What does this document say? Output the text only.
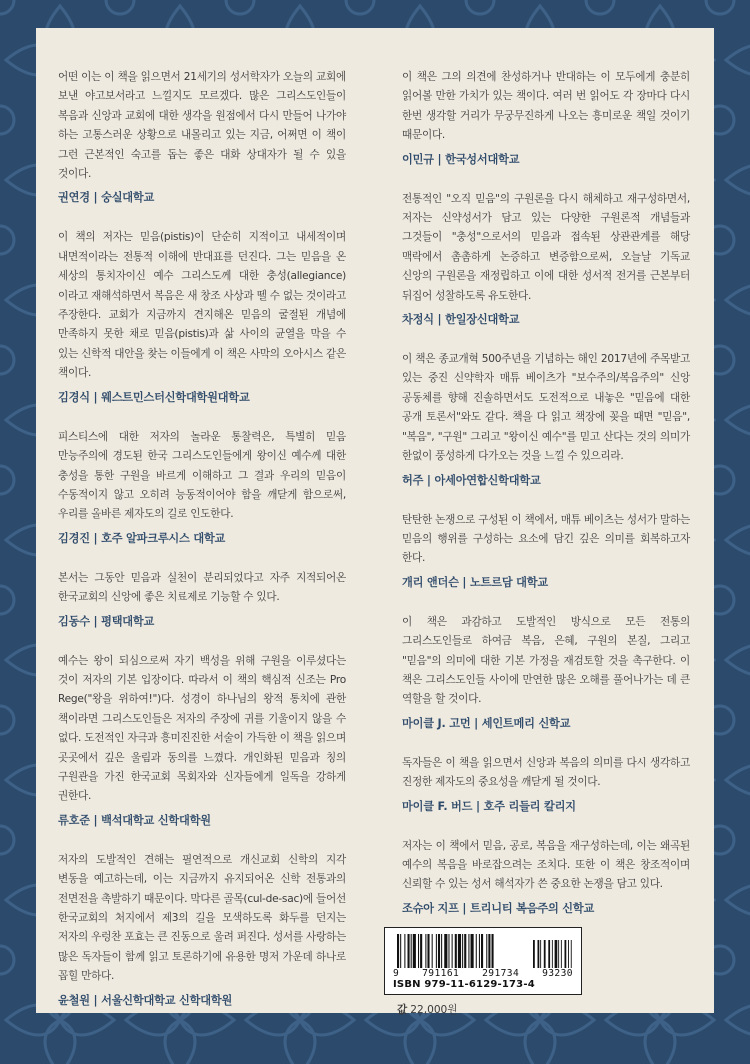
어떤 이는 이 책을 읽으면서 21세기의 성서학자가 오늘의 교회에 보낸 야고보서라고 느낄지도 모르겠다. 많은 그리스도인들이 복음과 신앙과 교회에 대한 생각을 원점에서 다시 만들어 나가야 하는 고통스러운 상황으로 내몰리고 있는 지금, 어쩌면 이 책이 그런 근본적인 숙고를 돕는 좋은 대화 상대자가 될 수 있을 것이다.

권연경 | 숭실대학교

이 책의 저자는 믿음(pistis)이 단순히 지적이고 내세적이며 내면적이라는 전통적 이해에 반대표를 던진다. 그는 믿음을 온 세상의 통치자이신 예수 그리스도께 대한 충성(allegiance)이라고 재해석하면서 복음은 새 창조 사상과 뗄 수 없는 것이라고 주장한다. 교회가 지금까지 견지해온 믿음의 굴절된 개념에 만족하지 못한 채로 믿음(pistis)과 삶 사이의 균열을 막을 수 있는 신학적 대안을 찾는 이들에게 이 책은 사막의 오아시스 같은 책이다.

김경식 | 웨스트민스터신학대학원대학교

피스티스에 대한 저자의 놀라운 통찰력은, 특별히 믿음 만능주의에 경도된 한국 그리스도인들에게 왕이신 예수께 대한 충성을 통한 구원을 바르게 이해하고 그 결과 우리의 믿음이 수동적이지 않고 오히려 능동적이어야 함을 깨닫게 함으로써, 우리를 올바른 제자도의 길로 인도한다.

김경진 | 호주 알파크루시스 대학교

본서는 그동안 믿음과 실천이 분리되었다고 자주 지적되어온 한국교회의 신앙에 좋은 치료제로 기능할 수 있다.

김동수 | 평택대학교

예수는 왕이 되심으로써 자기 백성을 위해 구원을 이루셨다는 것이 저자의 기본 입장이다. 따라서 이 책의 핵심적 신조는 Pro Rege("왕을 위하여!")다. 성경이 하나님의 왕적 통치에 관한 책이라면 그리스도인들은 저자의 주장에 귀를 기울이지 않을 수 없다. 도전적인 자극과 흥미진진한 서술이 가득한 이 책을 읽으며 곳곳에서 깊은 울림과 동의를 느꼈다. 개인화된 믿음과 칭의 구원관을 가진 한국교회 목회자와 신자들에게 일독을 강하게 권한다.

류호준 | 백석대학교 신학대학원

저자의 도발적인 견해는 필연적으로 개신교회 신학의 지각 변동을 예고하는데, 이는 지금까지 유지되어온 신학 전통과의 전면전을 촉발하기 때문이다. 막다른 골목(cul-de-sac)에 들어선 한국교회의 처지에서 제3의 길을 모색하도록 화두를 던지는 저자의 우렁찬 포효는 큰 진동으로 울려 퍼진다. 성서를 사랑하는 많은 독자들이 함께 읽고 토론하기에 유용한 명저 가운데 하나로 꼽힐 만하다.

윤철원 | 서울신학대학교 신학대학원

이 책은 그의 의견에 찬성하거나 반대하는 이 모두에게 충분히 읽어볼 만한 가치가 있는 책이다. 여러 번 읽어도 각 장마다 다시 한번 생각할 거리가 무궁무진하게 나오는 흥미로운 책일 것이기 때문이다.

이민규 | 한국성서대학교

전통적인 "오직 믿음"의 구원론을 다시 해체하고 재구성하면서, 저자는 신약성서가 담고 있는 다양한 구원론적 개념들과 그것들이 "충성"으로서의 믿음과 접속된 상관관계를 해당 맥락에서 촘촘하게 논증하고 변증함으로써, 오늘날 기독교 신앙의 구원론을 재정립하고 이에 대한 성서적 전거를 근본부터 뒤집어 성찰하도록 유도한다.

차정식 | 한일장신대학교

이 책은 종교개혁 500주년을 기념하는 해인 2017년에 주목받고 있는 중진 신약학자 매튜 베이츠가 "보수주의/복음주의" 신앙 공동체를 향해 진솔하면서도 도전적으로 내놓은 "믿음에 대한 공개 토론서"와도 같다. 책을 다 읽고 책장에 꽂을 때면 "믿음", "복음", "구원" 그리고 "왕이신 예수"를 믿고 산다는 것의 의미가 한없이 풍성하게 다가오는 것을 느낄 수 있으리라.

허주 | 아세아연합신학대학교

탄탄한 논쟁으로 구성된 이 책에서, 매튜 베이츠는 성서가 말하는 믿음의 행위를 구성하는 요소에 담긴 깊은 의미를 회복하고자 한다.

개리 앤더슨 | 노트르담 대학교

이 책은 과감하고 도발적인 방식으로 모든 전통의 그리스도인들로 하여금 복음, 은혜, 구원의 본질, 그리고 "믿음"의 의미에 대한 기본 가정을 재검토할 것을 촉구한다. 이 책은 그리스도인들 사이에 만연한 많은 오해를 풀어나가는 데 큰 역할을 할 것이다.

마이클 J. 고먼 | 세인트메리 신학교

독자들은 이 책을 읽으면서 신앙과 복음의 의미를 다시 생각하고 진정한 제자도의 중요성을 깨닫게 될 것이다.

마이클 F. 버드 | 호주 리들리 칼리지

저자는 이 책에서 믿음, 공로, 복음을 재구성하는데, 이는 왜곡된 예수의 복음을 바로잡으려는 조치다. 또한 이 책은 창조적이며 신뢰할 수 있는 성서 해석자가 쓴 중요한 논쟁을 담고 있다.

조슈아 지프 | 트리니티 복음주의 신학교
9 791161 291734 93230
ISBN 979-11-6129-173-4
값 22,000원
